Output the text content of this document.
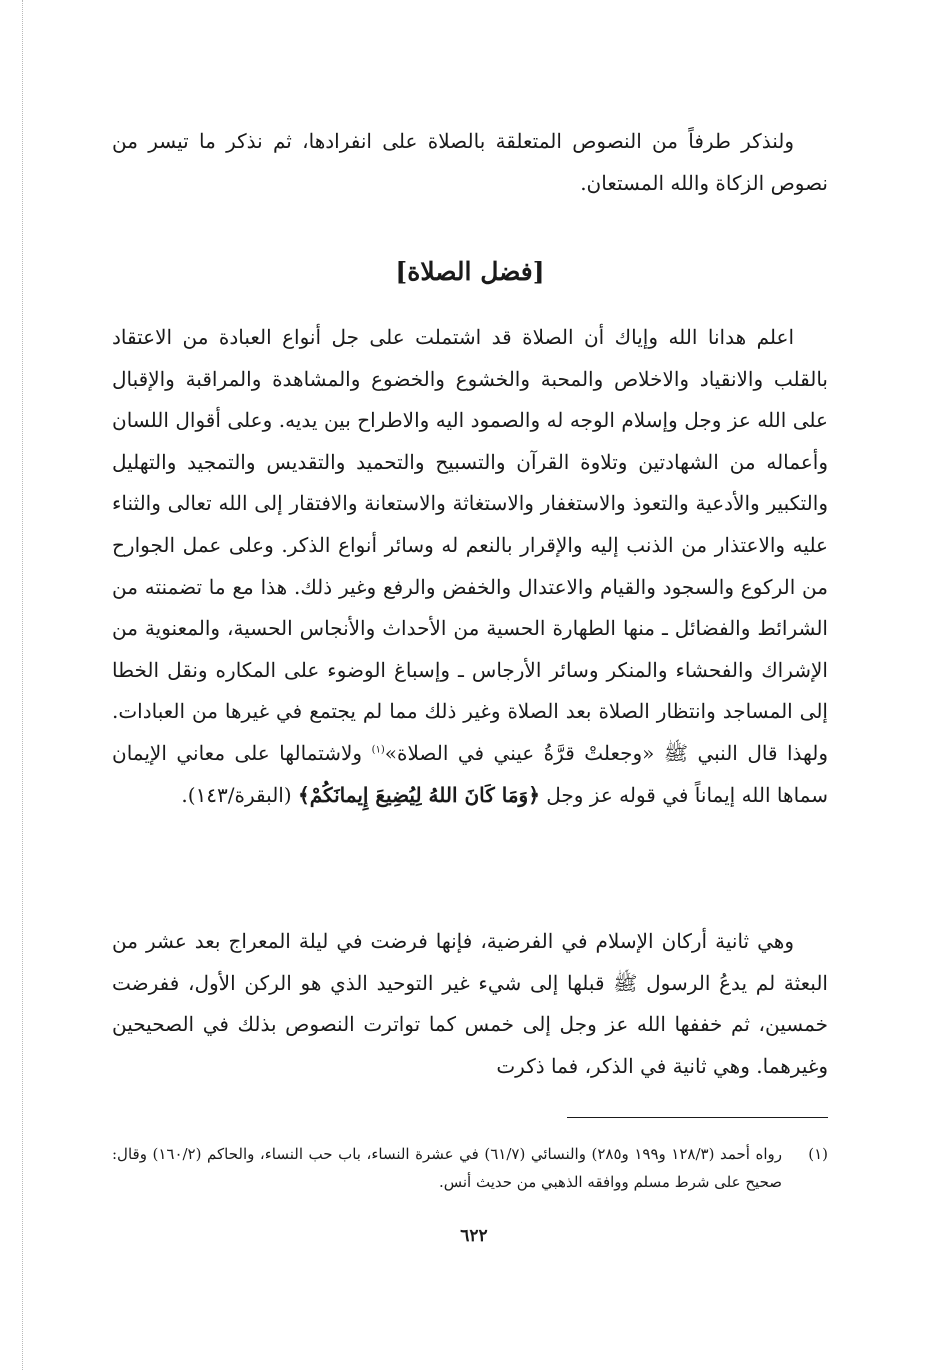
ولنذكر طرفاً من النصوص المتعلقة بالصلاة على انفرادها، ثم نذكر ما تيسر من نصوص الزكاة والله المستعان.

[فضل الصلاة]

اعلم هدانا الله وإياك أن الصلاة قد اشتملت على جل أنواع العبادة من الاعتقاد بالقلب والانقياد والاخلاص والمحبة والخشوع والخضوع والمشاهدة والمراقبة والإقبال على الله عز وجل وإسلام الوجه له والصمود اليه والاطراح بين يديه. وعلى أقوال اللسان وأعماله من الشهادتين وتلاوة القرآن والتسبيح والتحميد والتقديس والتمجيد والتهليل والتكبير والأدعية والتعوذ والاستغفار والاستغاثة والاستعانة والافتقار إلى الله تعالى والثناء عليه والاعتذار من الذنب إليه والإقرار بالنعم له وسائر أنواع الذكر. وعلى عمل الجوارح من الركوع والسجود والقيام والاعتدال والخفض والرفع وغير ذلك. هذا مع ما تضمنته من الشرائط والفضائل ـ منها الطهارة الحسية من الأحداث والأنجاس الحسية، والمعنوية من الإشراك والفحشاء والمنكر وسائر الأرجاس ـ وإسباغ الوضوء على المكاره ونقل الخطا إلى المساجد وانتظار الصلاة بعد الصلاة وغير ذلك مما لم يجتمع في غيرها من العبادات. ولهذا قال النبي ﷺ «وجعلتْ قرَّةُ عيني في الصلاة»$^{(١)}$ ولاشتمالها على معاني الإيمان سماها الله إيماناً في قوله عز وجل ﴿وَمَا كَانَ اللهُ لِيُضِيعَ إِيمانَكُمْ﴾ (البقرة/١٤٣).

وهي ثانية أركان الإسلام في الفرضية، فإنها فرضت في ليلة المعراج بعد عشر من البعثة لم يدعُ الرسول ﷺ قبلها إلى شيء غير التوحيد الذي هو الركن الأول، ففرضت خمسين، ثم خففها الله عز وجل إلى خمس كما تواترت النصوص بذلك في الصحيحين وغيرهما. وهي ثانية في الذكر، فما ذكرت

(١)
رواه أحمد (١٢٨/٣ و١٩٩ و٢٨٥) والنسائي (٦١/٧) في عشرة النساء، باب حب النساء، والحاكم (١٦٠/٢) وقال: صحيح على شرط مسلم ووافقه الذهبي من حديث أنس.
٦٢٢
